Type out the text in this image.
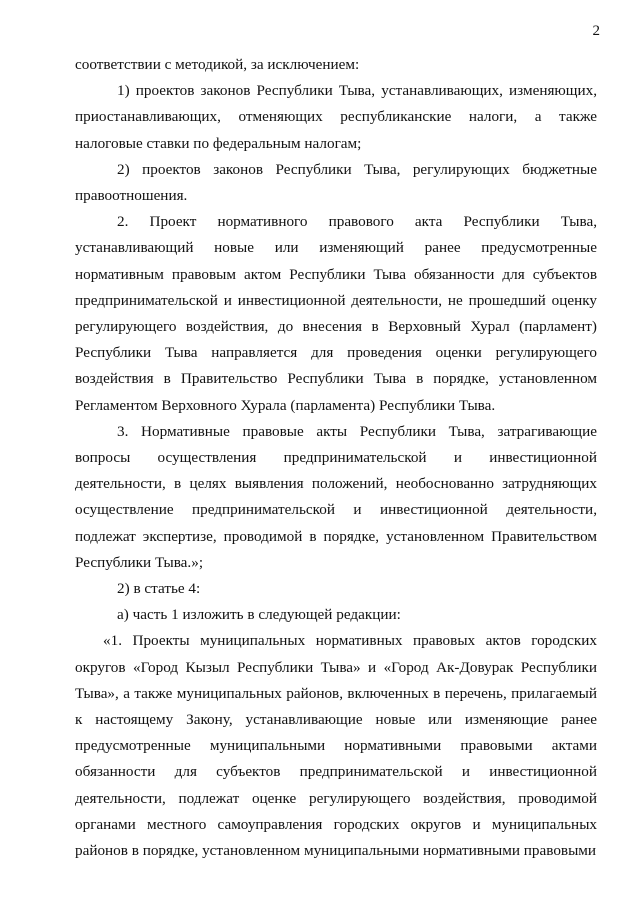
2

соответствии с методикой, за исключением:

1) проектов законов Республики Тыва, устанавливающих, изменяющих, приостанавливающих, отменяющих республиканские налоги, а также налоговые ставки по федеральным налогам;

2) проектов законов Республики Тыва, регулирующих бюджетные правоотношения.

2. Проект нормативного правового акта Республики Тыва, устанавливающий новые или изменяющий ранее предусмотренные нормативным правовым актом Республики Тыва обязанности для субъектов предпринимательской и инвестиционной деятельности, не прошедший оценку регулирующего воздействия, до внесения в Верховный Хурал (парламент) Республики Тыва направляется для проведения оценки регулирующего воздействия в Правительство Республики Тыва в порядке, установленном Регламентом Верховного Хурала (парламента) Республики Тыва.

3. Нормативные правовые акты Республики Тыва, затрагивающие вопросы осуществления предпринимательской и инвестиционной деятельности, в целях выявления положений, необоснованно затрудняющих осуществление предпринимательской и инвестиционной деятельности, подлежат экспертизе, проводимой в порядке, установленном Правительством Республики Тыва.»;

2) в статье 4:

а) часть 1 изложить в следующей редакции:

«1. Проекты муниципальных нормативных правовых актов городских округов «Город Кызыл Республики Тыва» и «Город Ак-Довурак Республики Тыва», а также муниципальных районов, включенных в перечень, прилагаемый к настоящему Закону, устанавливающие новые или изменяющие ранее предусмотренные муниципальными нормативными правовыми актами обязанности для субъектов предпринимательской и инвестиционной деятельности, подлежат оценке регулирующего воздействия, проводимой органами местного самоуправления городских округов и муниципальных районов в порядке, установленном муниципальными нормативными правовыми
